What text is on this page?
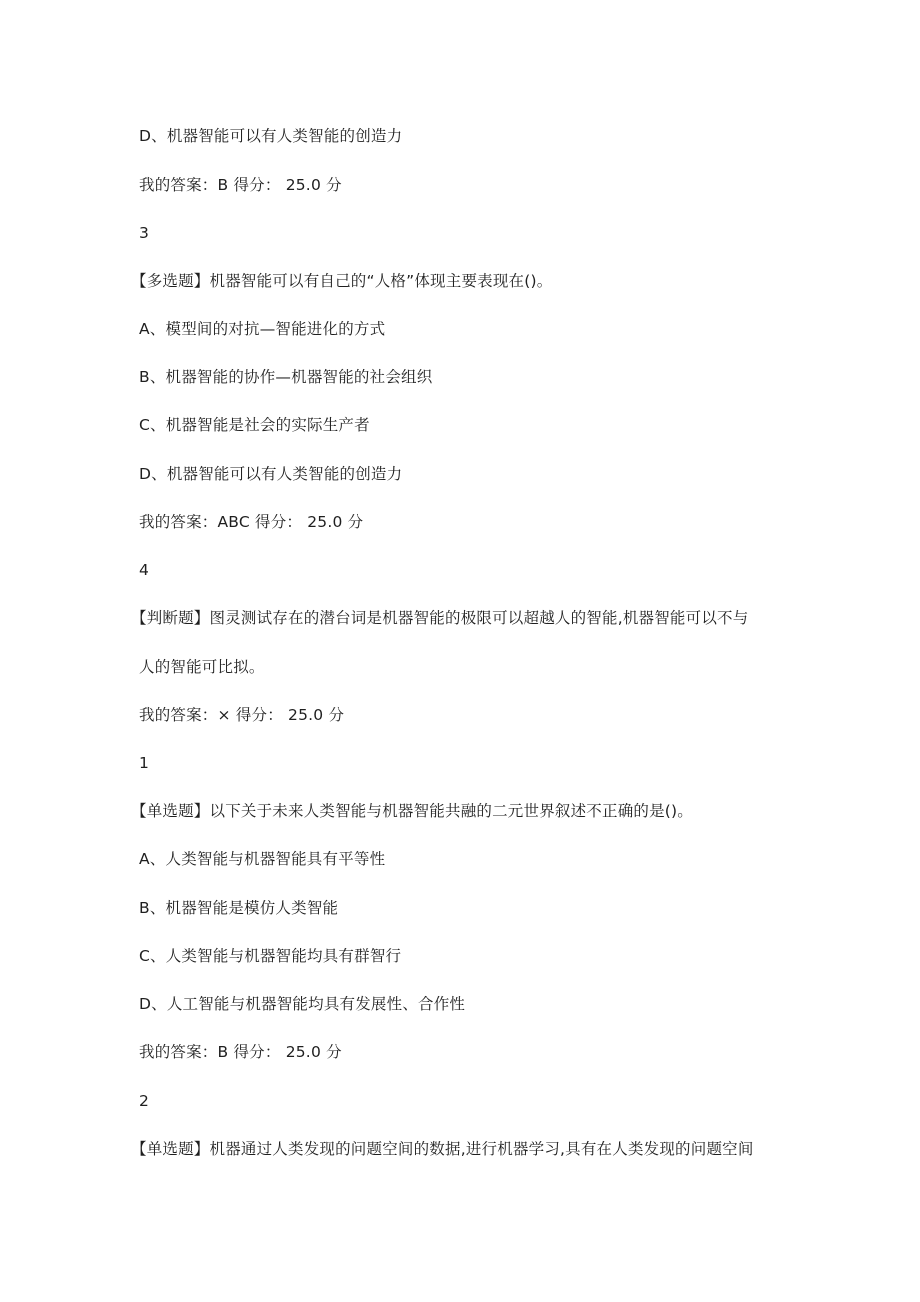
D、机器智能可以有人类智能的创造力
我的答案：B 得分： 25.0 分
3
【多选题】机器智能可以有自己的“人格”体现主要表现在()。
A、模型间的对抗—智能进化的方式
B、机器智能的协作—机器智能的社会组织
C、机器智能是社会的实际生产者
D、机器智能可以有人类智能的创造力
我的答案：ABC 得分： 25.0 分
4
【判断题】图灵测试存在的潜台词是机器智能的极限可以超越人的智能,机器智能可以不与
人的智能可比拟。
我的答案：× 得分： 25.0 分
1
【单选题】以下关于未来人类智能与机器智能共融的二元世界叙述不正确的是()。
A、人类智能与机器智能具有平等性
B、机器智能是模仿人类智能
C、人类智能与机器智能均具有群智行
D、人工智能与机器智能均具有发展性、合作性
我的答案：B 得分： 25.0 分
2
【单选题】机器通过人类发现的问题空间的数据,进行机器学习,具有在人类发现的问题空间
